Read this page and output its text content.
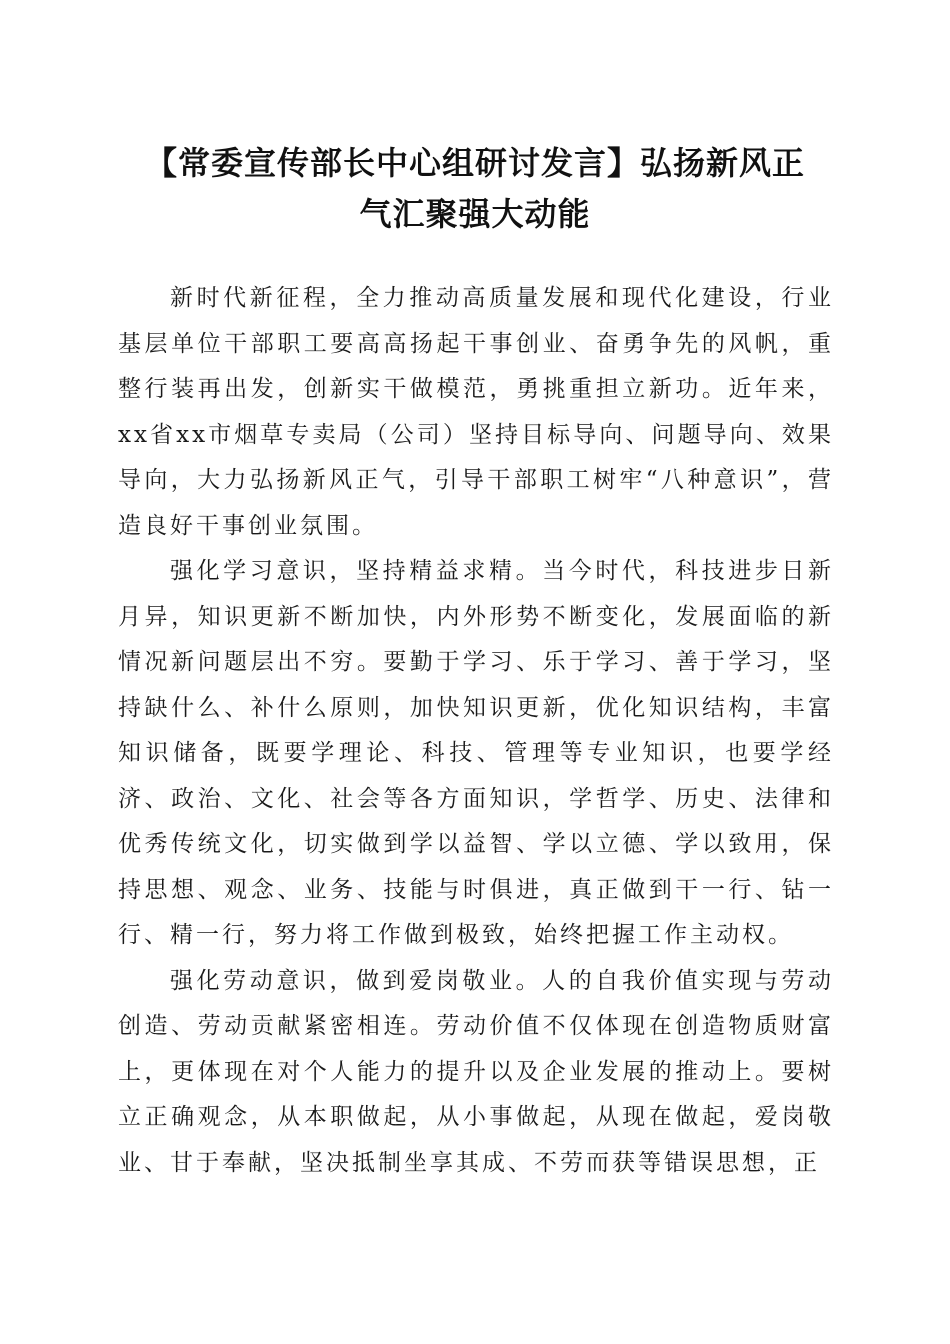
【常委宣传部长中心组研讨发言】弘扬新风正
气汇聚强大动能

新时代新征程，全力推动高质量发展和现代化建设，行业基层单位干部职工要高高扬起干事创业、奋勇争先的风帆，重整行装再出发，创新实干做模范，勇挑重担立新功。近年来，xx省xx市烟草专卖局（公司）坚持目标导向、问题导向、效果导向，大力弘扬新风正气，引导干部职工树牢“八种意识”，营造良好干事创业氛围。

强化学习意识，坚持精益求精。当今时代，科技进步日新月异，知识更新不断加快，内外形势不断变化，发展面临的新情况新问题层出不穷。要勤于学习、乐于学习、善于学习，坚持缺什么、补什么原则，加快知识更新，优化知识结构，丰富知识储备，既要学理论、科技、管理等专业知识，也要学经济、政治、文化、社会等各方面知识，学哲学、历史、法律和优秀传统文化，切实做到学以益智、学以立德、学以致用，保持思想、观念、业务、技能与时俱进，真正做到干一行、钻一行、精一行，努力将工作做到极致，始终把握工作主动权。

强化劳动意识，做到爱岗敬业。人的自我价值实现与劳动创造、劳动贡献紧密相连。劳动价值不仅体现在创造物质财富上，更体现在对个人能力的提升以及企业发展的推动上。要树立正确观念，从本职做起，从小事做起，从现在做起，爱岗敬业、甘于奉献，坚决抵制坐享其成、不劳而获等错误思想，正
